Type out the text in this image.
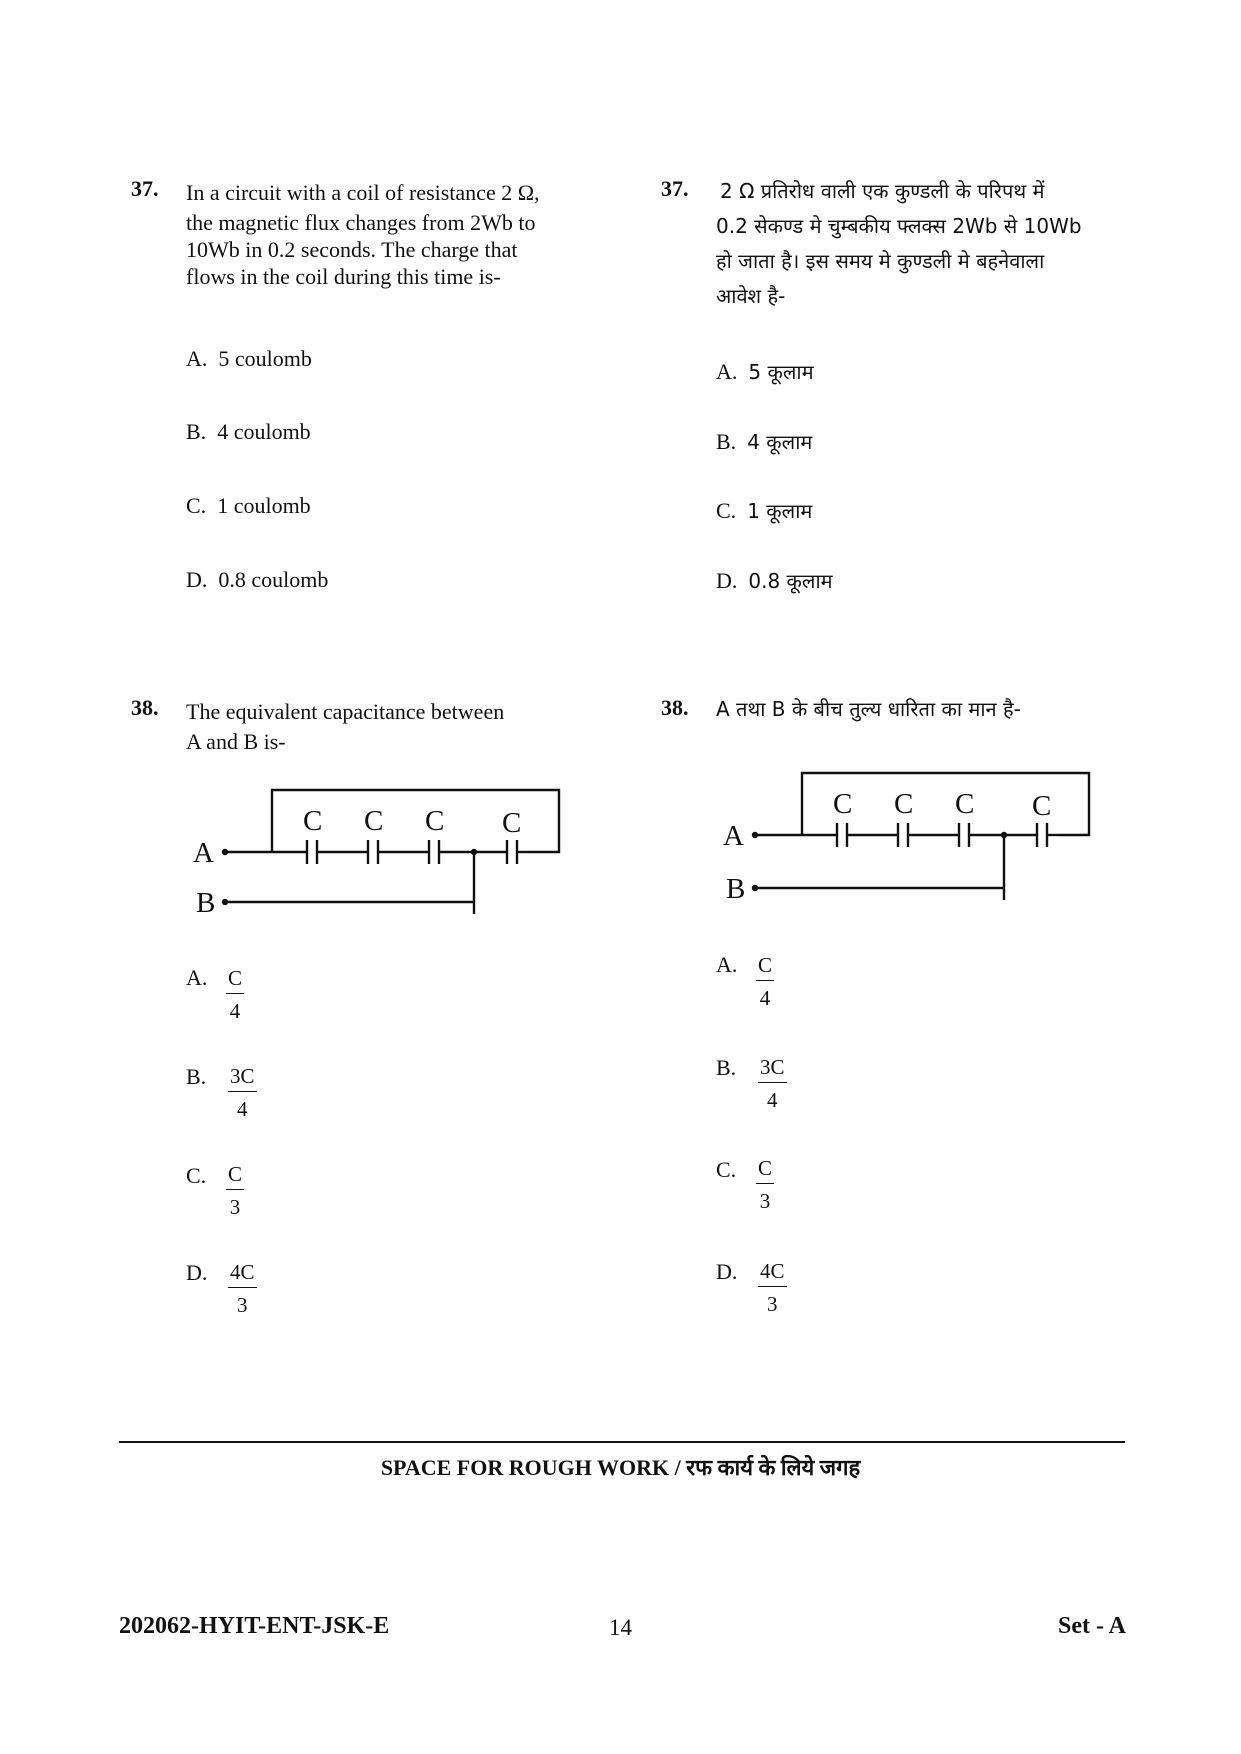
37. In a circuit with a coil of resistance 2 Ω,
the magnetic flux changes from 2Wb to
10Wb in 0.2 seconds. The charge that
flows in the coil during this time is-
A. 5 coulomb
B. 4 coulomb
C. 1 coulomb
D. 0.8 coulomb
37. 2 Ω प्रतिरोध वाली एक कुण्डली के परिपथ में
0.2 सेकण्ड मे चुम्बकीय फ्लक्स 2Wb से 10Wb
हो जाता है। इस समय मे कुण्डली मे बहनेवाला
आवेश है-
A. 5 कूलाम
B. 4 कूलाम
C. 1 कूलाम
D. 0.8 कूलाम
38. The equivalent capacitance between
A and B is-
C C C C
A
B
A. $\frac{C}{4}$
B. $\frac{3C}{4}$
C. $\frac{C}{3}$
D. $\frac{4C}{3}$
38. A तथा B के बीच तुल्य धारिता का मान है-
C C C C
A
B
A. $\frac{C}{4}$
B. $\frac{3C}{4}$
C. $\frac{C}{3}$
D. $\frac{4C}{3}$
SPACE FOR ROUGH WORK / रफ कार्य के लिये जगह
202062-HYIT-ENT-JSK-E	14	Set - A
